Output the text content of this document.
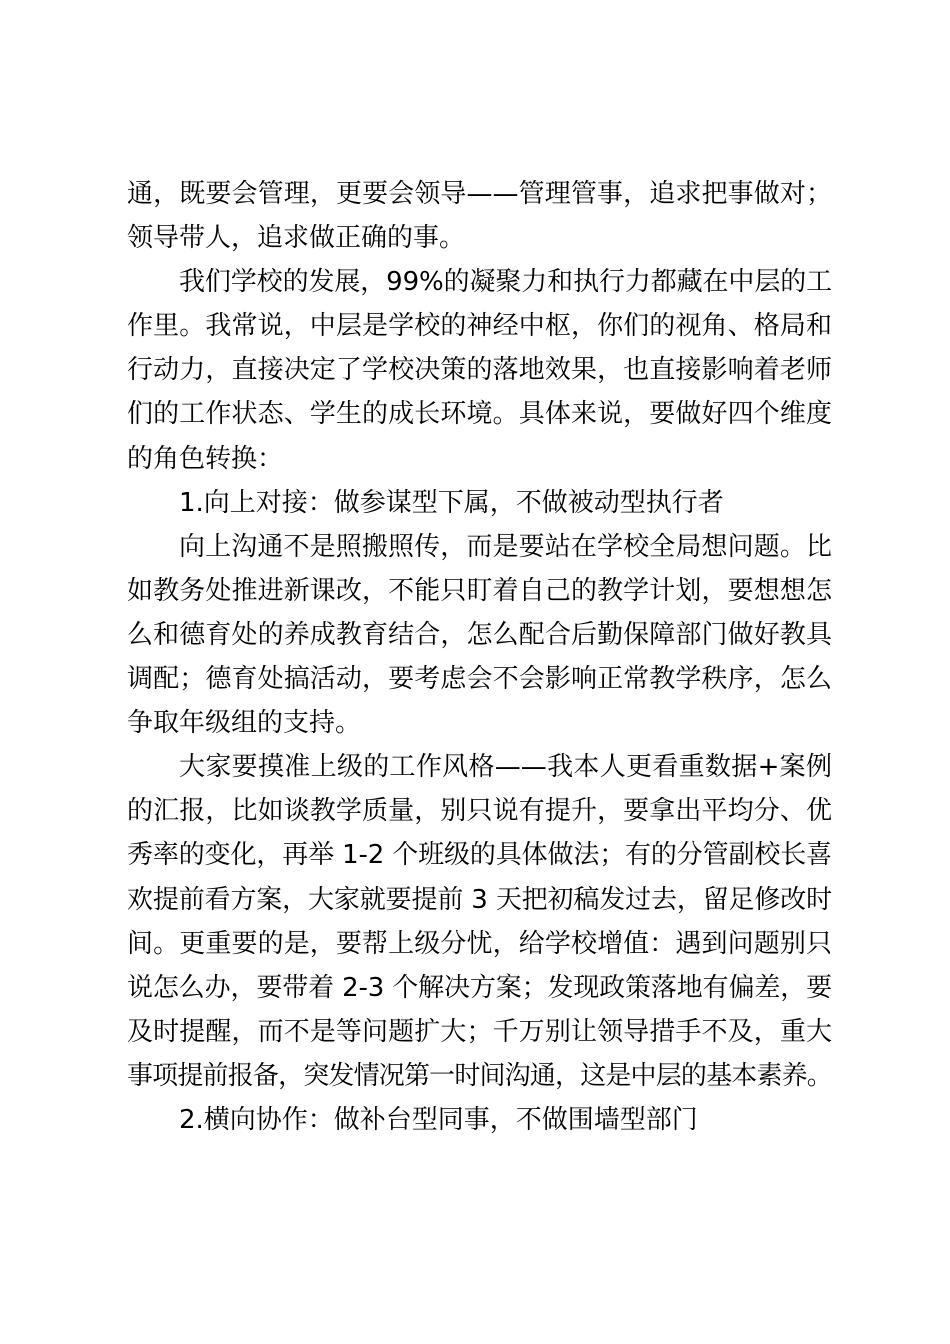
通，既要会管理，更要会领导——管理管事，追求把事做对；
领导带人，追求做正确的事。
我们学校的发展，99%的凝聚力和执行力都藏在中层的工
作里。我常说，中层是学校的神经中枢，你们的视角、格局和
行动力，直接决定了学校决策的落地效果，也直接影响着老师
们的工作状态、学生的成长环境。具体来说，要做好四个维度
的角色转换：
1.向上对接：做参谋型下属，不做被动型执行者
向上沟通不是照搬照传，而是要站在学校全局想问题。比
如教务处推进新课改，不能只盯着自己的教学计划，要想想怎
么和德育处的养成教育结合，怎么配合后勤保障部门做好教具
调配；德育处搞活动，要考虑会不会影响正常教学秩序，怎么
争取年级组的支持。
大家要摸准上级的工作风格——我本人更看重数据+案例
的汇报，比如谈教学质量，别只说有提升，要拿出平均分、优
秀率的变化，再举 1-2 个班级的具体做法；有的分管副校长喜
欢提前看方案，大家就要提前 3 天把初稿发过去，留足修改时
间。更重要的是，要帮上级分忧，给学校增值：遇到问题别只
说怎么办，要带着 2-3 个解决方案；发现政策落地有偏差，要
及时提醒，而不是等问题扩大；千万别让领导措手不及，重大
事项提前报备，突发情况第一时间沟通，这是中层的基本素养。
2.横向协作：做补台型同事，不做围墙型部门
